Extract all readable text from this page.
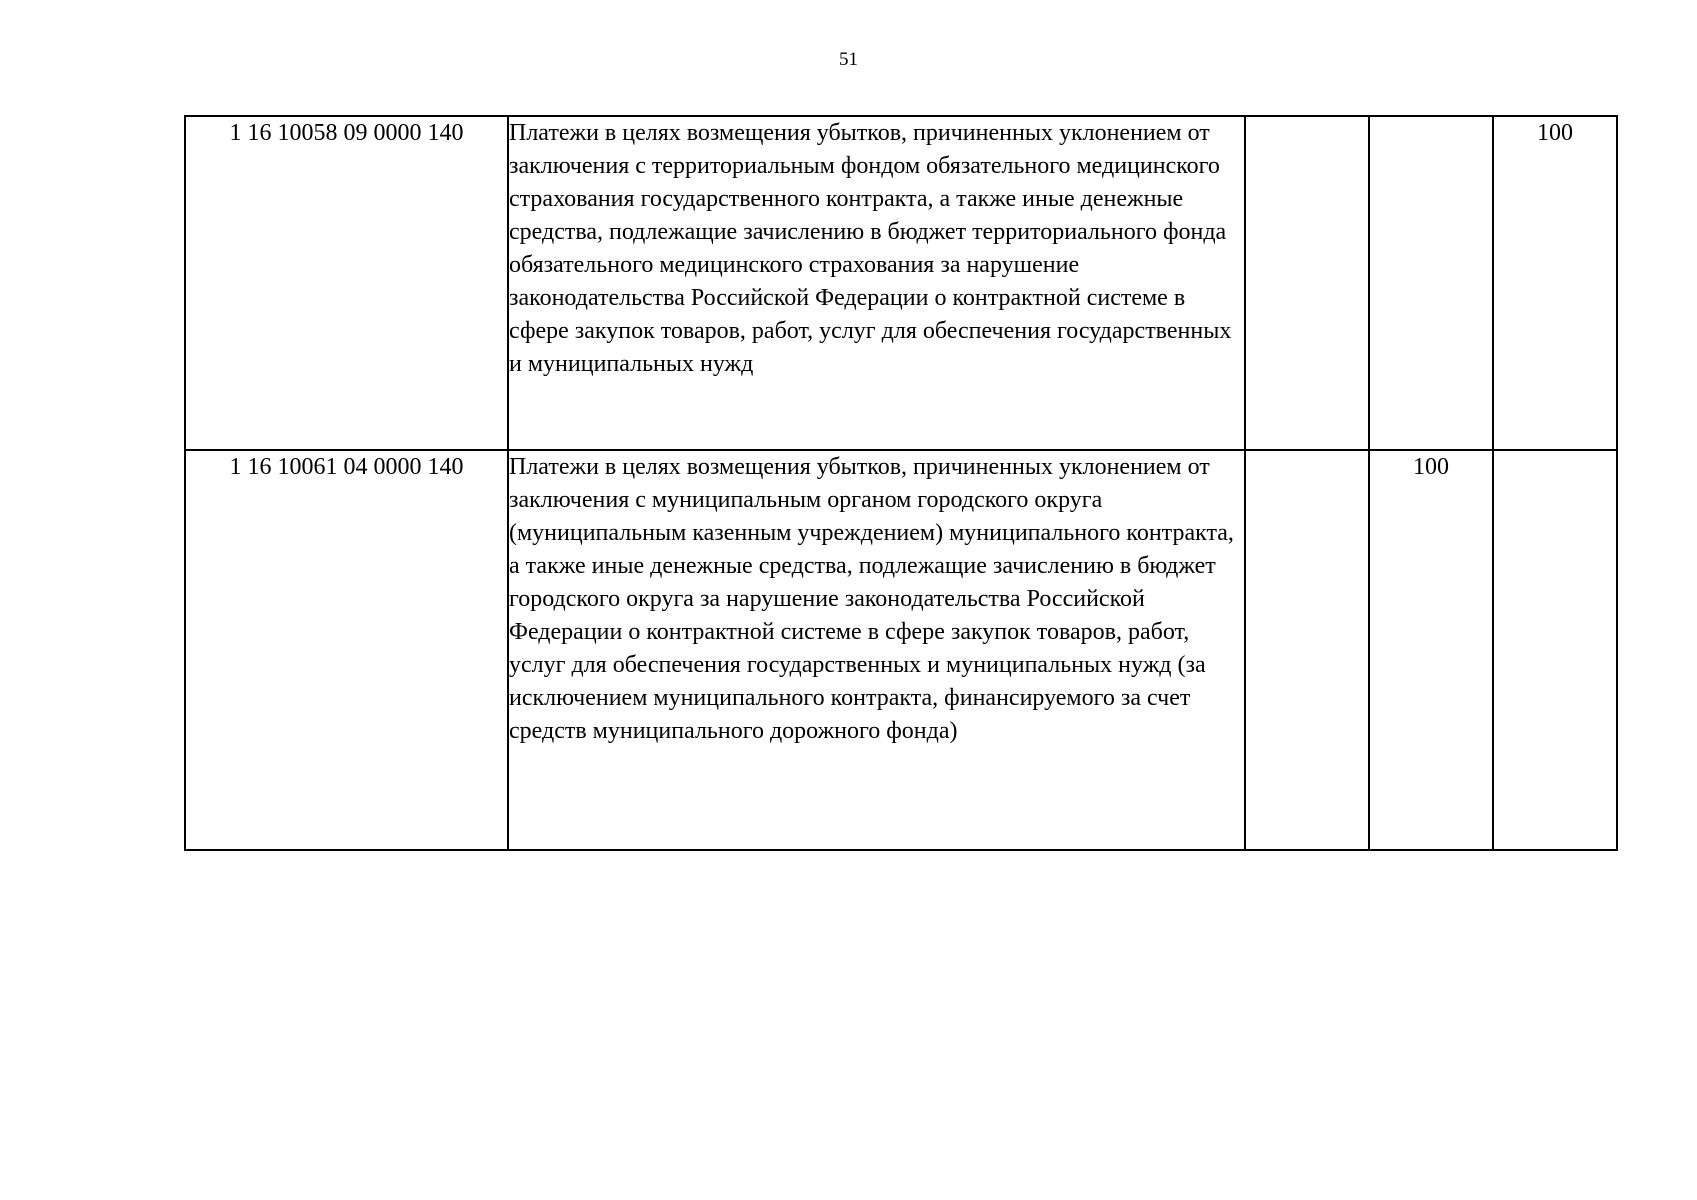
51
1 16 10058 09 0000 140	Платежи в целях возмещения убытков, причиненных уклонением от заключения с территориальным фондом обязательного медицинского страхования государственного контракта, а также иные денежные средства, подлежащие зачислению в бюджет территориального фонда обязательного медицинского страхования за нарушение законодательства Российской Федерации о контрактной системе в сфере закупок товаров, работ, услуг для обеспечения государственных и муниципальных нужд			100
1 16 10061 04 0000 140	Платежи в целях возмещения убытков, причиненных уклонением от заключения с муниципальным органом городского округа (муниципальным казенным учреждением) муниципального контракта, а также иные денежные средства, подлежащие зачислению в бюджет городского округа за нарушение законодательства Российской Федерации о контрактной системе в сфере закупок товаров, работ, услуг для обеспечения государственных и муниципальных нужд (за исключением муниципального контракта, финансируемого за счет средств муниципального дорожного фонда)		100	
